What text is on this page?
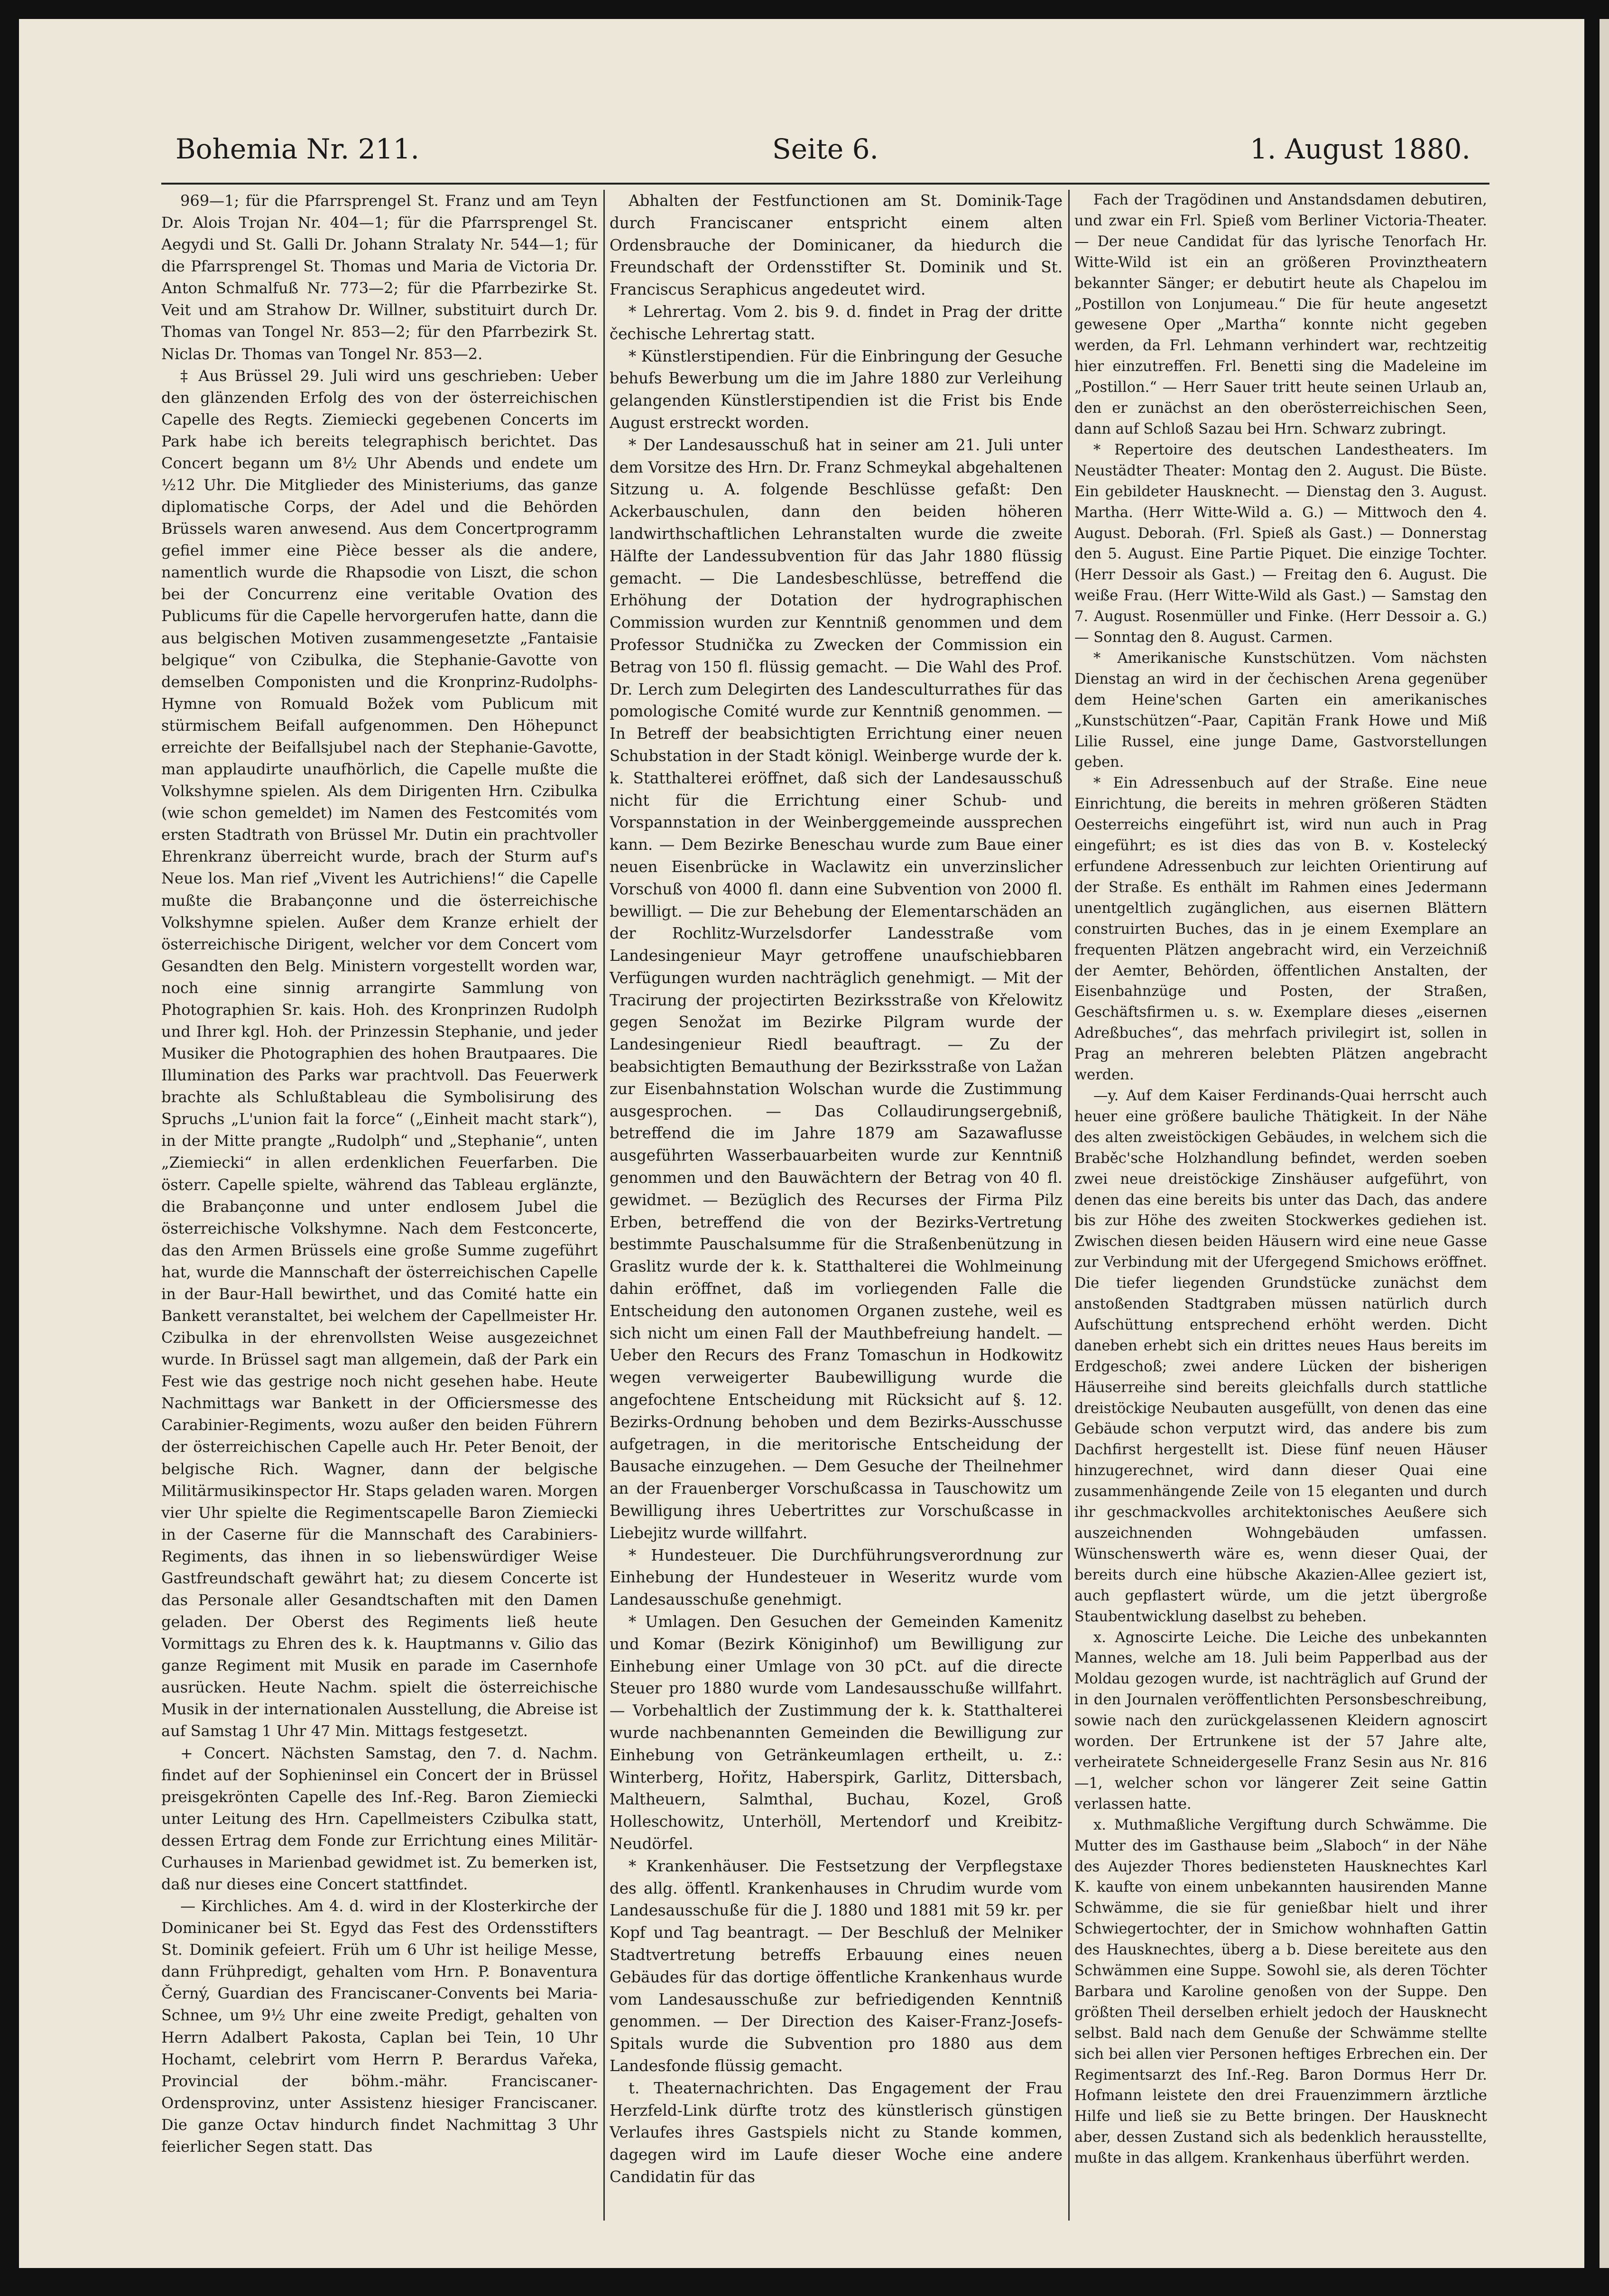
Bohemia Nr. 211.	Seite 6.	1. August 1880.

969—1; für die Pfarrsprengel St. Franz und am Teyn Dr. Alois Trojan Nr. 404—1; für die Pfarrsprengel St. Aegydi und St. Galli Dr. Johann Stralaty Nr. 544—1; für die Pfarrsprengel St. Thomas und Maria de Victoria Dr. Anton Schmalfuß Nr. 773—2; für die Pfarrbezirke St. Veit und am Strahow Dr. Willner, substituirt durch Dr. Thomas van Tongel Nr. 853—2; für den Pfarrbezirk St. Niclas Dr. Thomas van Tongel Nr. 853—2.

‡ Aus Brüssel 29. Juli wird uns geschrieben: Ueber den glänzenden Erfolg des von der österreichischen Capelle des Regts. Ziemiecki gegebenen Concerts im Park habe ich bereits telegraphisch berichtet. Das Concert begann um 8½ Uhr Abends und endete um ½12 Uhr. Die Mitglieder des Ministeriums, das ganze diplomatische Corps, der Adel und die Behörden Brüssels waren anwesend. Aus dem Concertprogramm gefiel immer eine Pièce besser als die andere, namentlich wurde die Rhapsodie von Liszt, die schon bei der Concurrenz eine veritable Ovation des Publicums für die Capelle hervorgerufen hatte, dann die aus belgischen Motiven zusammengesetzte „Fantaisie belgique“ von Czibulka, die Stephanie-Gavotte von demselben Componisten und die Kronprinz-Rudolphs-Hymne von Romuald Božek vom Publicum mit stürmischem Beifall aufgenommen. Den Höhepunct erreichte der Beifallsjubel nach der Stephanie-Gavotte, man applaudirte unaufhörlich, die Capelle mußte die Volkshymne spielen. Als dem Dirigenten Hrn. Czibulka (wie schon gemeldet) im Namen des Festcomités vom ersten Stadtrath von Brüssel Mr. Dutin ein prachtvoller Ehrenkranz überreicht wurde, brach der Sturm auf's Neue los. Man rief „Vivent les Autrichiens!“ die Capelle mußte die Brabançonne und die österreichische Volkshymne spielen. Außer dem Kranze erhielt der österreichische Dirigent, welcher vor dem Concert vom Gesandten den Belg. Ministern vorgestellt worden war, noch eine sinnig arrangirte Sammlung von Photographien Sr. kais. Hoh. des Kronprinzen Rudolph und Ihrer kgl. Hoh. der Prinzessin Stephanie, und jeder Musiker die Photographien des hohen Brautpaares. Die Illumination des Parks war prachtvoll. Das Feuerwerk brachte als Schlußtableau die Symbolisirung des Spruchs „L'union fait la force“ („Einheit macht stark“), in der Mitte prangte „Rudolph“ und „Stephanie“, unten „Ziemiecki“ in allen erdenklichen Feuerfarben. Die österr. Capelle spielte, während das Tableau erglänzte, die Brabançonne und unter endlosem Jubel die österreichische Volkshymne. Nach dem Festconcerte, das den Armen Brüssels eine große Summe zugeführt hat, wurde die Mannschaft der österreichischen Capelle in der Baur-Hall bewirthet, und das Comité hatte ein Bankett veranstaltet, bei welchem der Capellmeister Hr. Czibulka in der ehrenvollsten Weise ausgezeichnet wurde. In Brüssel sagt man allgemein, daß der Park ein Fest wie das gestrige noch nicht gesehen habe. Heute Nachmittags war Bankett in der Officiersmesse des Carabinier-Regiments, wozu außer den beiden Führern der österreichischen Capelle auch Hr. Peter Benoit, der belgische Rich. Wagner, dann der belgische Militärmusikinspector Hr. Staps geladen waren. Morgen vier Uhr spielte die Regimentscapelle Baron Ziemiecki in der Caserne für die Mannschaft des Carabiniers-Regiments, das ihnen in so liebenswürdiger Weise Gastfreundschaft gewährt hat; zu diesem Concerte ist das Personale aller Gesandtschaften mit den Damen geladen. Der Oberst des Regiments ließ heute Vormittags zu Ehren des k. k. Hauptmanns v. Gilio das ganze Regiment mit Musik en parade im Casernhofe ausrücken. Heute Nachm. spielt die österreichische Musik in der internationalen Ausstellung, die Abreise ist auf Samstag 1 Uhr 47 Min. Mittags festgesetzt.

+ Concert. Nächsten Samstag, den 7. d. Nachm. findet auf der Sophieninsel ein Concert der in Brüssel preisgekrönten Capelle des Inf.-Reg. Baron Ziemiecki unter Leitung des Hrn. Capellmeisters Czibulka statt, dessen Ertrag dem Fonde zur Errichtung eines Militär-Curhauses in Marienbad gewidmet ist. Zu bemerken ist, daß nur dieses eine Concert stattfindet.

— Kirchliches. Am 4. d. wird in der Klosterkirche der Dominicaner bei St. Egyd das Fest des Ordensstifters St. Dominik gefeiert. Früh um 6 Uhr ist heilige Messe, dann Frühpredigt, gehalten vom Hrn. P. Bonaventura Černý, Guardian des Franciscaner-Convents bei Maria-Schnee, um 9½ Uhr eine zweite Predigt, gehalten von Herrn Adalbert Pakosta, Caplan bei Tein, 10 Uhr Hochamt, celebrirt vom Herrn P. Berardus Vařeka, Provincial der böhm.-mähr. Franciscaner-Ordensprovinz, unter Assistenz hiesiger Franciscaner. Die ganze Octav hindurch findet Nachmittag 3 Uhr feierlicher Segen statt. Das

Abhalten der Festfunctionen am St. Dominik-Tage durch Franciscaner entspricht einem alten Ordensbrauche der Dominicaner, da hiedurch die Freundschaft der Ordensstifter St. Dominik und St. Franciscus Seraphicus angedeutet wird.

* Lehrertag. Vom 2. bis 9. d. findet in Prag der dritte čechische Lehrertag statt.

* Künstlerstipendien. Für die Einbringung der Gesuche behufs Bewerbung um die im Jahre 1880 zur Verleihung gelangenden Künstlerstipendien ist die Frist bis Ende August erstreckt worden.

* Der Landesausschuß hat in seiner am 21. Juli unter dem Vorsitze des Hrn. Dr. Franz Schmeykal abgehaltenen Sitzung u. A. folgende Beschlüsse gefaßt: Den Ackerbauschulen, dann den beiden höheren landwirthschaftlichen Lehranstalten wurde die zweite Hälfte der Landessubvention für das Jahr 1880 flüssig gemacht. — Die Landesbeschlüsse, betreffend die Erhöhung der Dotation der hydrographischen Commission wurden zur Kenntniß genommen und dem Professor Studnička zu Zwecken der Commission ein Betrag von 150 fl. flüssig gemacht. — Die Wahl des Prof. Dr. Lerch zum Delegirten des Landesculturrathes für das pomologische Comité wurde zur Kenntniß genommen. — In Betreff der beabsichtigten Errichtung einer neuen Schubstation in der Stadt königl. Weinberge wurde der k. k. Statthalterei eröffnet, daß sich der Landesausschuß nicht für die Errichtung einer Schub- und Vorspannstation in der Weinberggemeinde aussprechen kann. — Dem Bezirke Beneschau wurde zum Baue einer neuen Eisenbrücke in Waclawitz ein unverzinslicher Vorschuß von 4000 fl. dann eine Subvention von 2000 fl. bewilligt. — Die zur Behebung der Elementarschäden an der Rochlitz-Wurzelsdorfer Landesstraße vom Landesingenieur Mayr getroffene unaufschiebbaren Verfügungen wurden nachträglich genehmigt. — Mit der Tracirung der projectirten Bezirksstraße von Křelowitz gegen Senožat im Bezirke Pilgram wurde der Landesingenieur Riedl beauftragt. — Zu der beabsichtigten Bemauthung der Bezirksstraße von Lažan zur Eisenbahnstation Wolschan wurde die Zustimmung ausgesprochen. — Das Collaudirungsergebniß, betreffend die im Jahre 1879 am Sazawaflusse ausgeführten Wasserbauarbeiten wurde zur Kenntniß genommen und den Bauwächtern der Betrag von 40 fl. gewidmet. — Bezüglich des Recurses der Firma Pilz Erben, betreffend die von der Bezirks-Vertretung bestimmte Pauschalsumme für die Straßenbenützung in Graslitz wurde der k. k. Statthalterei die Wohlmeinung dahin eröffnet, daß im vorliegenden Falle die Entscheidung den autonomen Organen zustehe, weil es sich nicht um einen Fall der Mauthbefreiung handelt. — Ueber den Recurs des Franz Tomaschun in Hodkowitz wegen verweigerter Baubewilligung wurde die angefochtene Entscheidung mit Rücksicht auf §. 12. Bezirks-Ordnung behoben und dem Bezirks-Ausschusse aufgetragen, in die meritorische Entscheidung der Bausache einzugehen. — Dem Gesuche der Theilnehmer an der Frauenberger Vorschußcassa in Tauschowitz um Bewilligung ihres Uebertrittes zur Vorschußcasse in Liebejitz wurde willfahrt.

* Hundesteuer. Die Durchführungsverordnung zur Einhebung der Hundesteuer in Weseritz wurde vom Landesausschuße genehmigt.

* Umlagen. Den Gesuchen der Gemeinden Kamenitz und Komar (Bezirk Königinhof) um Bewilligung zur Einhebung einer Umlage von 30 pCt. auf die directe Steuer pro 1880 wurde vom Landesausschuße willfahrt. — Vorbehaltlich der Zustimmung der k. k. Statthalterei wurde nachbenannten Gemeinden die Bewilligung zur Einhebung von Getränkeumlagen ertheilt, u. z.: Winterberg, Hořitz, Haberspirk, Garlitz, Dittersbach, Maltheuern, Salmthal, Buchau, Kozel, Groß Holleschowitz, Unterhöll, Mertendorf und Kreibitz-Neudörfel.

* Krankenhäuser. Die Festsetzung der Verpflegstaxe des allg. öffentl. Krankenhauses in Chrudim wurde vom Landesausschuße für die J. 1880 und 1881 mit 59 kr. per Kopf und Tag beantragt. — Der Beschluß der Melniker Stadtvertretung betreffs Erbauung eines neuen Gebäudes für das dortige öffentliche Krankenhaus wurde vom Landesausschuße zur befriedigenden Kenntniß genommen. — Der Direction des Kaiser-Franz-Josefs-Spitals wurde die Subvention pro 1880 aus dem Landesfonde flüssig gemacht.

t. Theaternachrichten. Das Engagement der Frau Herzfeld-Link dürfte trotz des künstlerisch günstigen Verlaufes ihres Gastspiels nicht zu Stande kommen, dagegen wird im Laufe dieser Woche eine andere Candidatin für das

Fach der Tragödinen und Anstandsdamen debutiren, und zwar ein Frl. Spieß vom Berliner Victoria-Theater. — Der neue Candidat für das lyrische Tenorfach Hr. Witte-Wild ist ein an größeren Provinztheatern bekannter Sänger; er debutirt heute als Chapelou im „Postillon von Lonjumeau.“ Die für heute angesetzt gewesene Oper „Martha“ konnte nicht gegeben werden, da Frl. Lehmann verhindert war, rechtzeitig hier einzutreffen. Frl. Benetti sing die Madeleine im „Postillon.“ — Herr Sauer tritt heute seinen Urlaub an, den er zunächst an den oberösterreichischen Seen, dann auf Schloß Sazau bei Hrn. Schwarz zubringt.

* Repertoire des deutschen Landestheaters. Im Neustädter Theater: Montag den 2. August. Die Büste. Ein gebildeter Hausknecht. — Dienstag den 3. August. Martha. (Herr Witte-Wild a. G.) — Mittwoch den 4. August. Deborah. (Frl. Spieß als Gast.) — Donnerstag den 5. August. Eine Partie Piquet. Die einzige Tochter. (Herr Dessoir als Gast.) — Freitag den 6. August. Die weiße Frau. (Herr Witte-Wild als Gast.) — Samstag den 7. August. Rosenmüller und Finke. (Herr Dessoir a. G.) — Sonntag den 8. August. Carmen.

* Amerikanische Kunstschützen. Vom nächsten Dienstag an wird in der čechischen Arena gegenüber dem Heine'schen Garten ein amerikanisches „Kunstschützen“-Paar, Capitän Frank Howe und Miß Lilie Russel, eine junge Dame, Gastvorstellungen geben.

* Ein Adressenbuch auf der Straße. Eine neue Einrichtung, die bereits in mehren größeren Städten Oesterreichs eingeführt ist, wird nun auch in Prag eingeführt; es ist dies das von B. v. Kostelecký erfundene Adressenbuch zur leichten Orientirung auf der Straße. Es enthält im Rahmen eines Jedermann unentgeltlich zugänglichen, aus eisernen Blättern construirten Buches, das in je einem Exemplare an frequenten Plätzen angebracht wird, ein Verzeichniß der Aemter, Behörden, öffentlichen Anstalten, der Eisenbahnzüge und Posten, der Straßen, Geschäftsfirmen u. s. w. Exemplare dieses „eisernen Adreßbuches“, das mehrfach privilegirt ist, sollen in Prag an mehreren belebten Plätzen angebracht werden.

—y. Auf dem Kaiser Ferdinands-Quai herrscht auch heuer eine größere bauliche Thätigkeit. In der Nähe des alten zweistöckigen Gebäudes, in welchem sich die Braběc'sche Holzhandlung befindet, werden soeben zwei neue dreistöckige Zinshäuser aufgeführt, von denen das eine bereits bis unter das Dach, das andere bis zur Höhe des zweiten Stockwerkes gediehen ist. Zwischen diesen beiden Häusern wird eine neue Gasse zur Verbindung mit der Ufergegend Smichows eröffnet. Die tiefer liegenden Grundstücke zunächst dem anstoßenden Stadtgraben müssen natürlich durch Aufschüttung entsprechend erhöht werden. Dicht daneben erhebt sich ein drittes neues Haus bereits im Erdgeschoß; zwei andere Lücken der bisherigen Häuserreihe sind bereits gleichfalls durch stattliche dreistöckige Neubauten ausgefüllt, von denen das eine Gebäude schon verputzt wird, das andere bis zum Dachfirst hergestellt ist. Diese fünf neuen Häuser hinzugerechnet, wird dann dieser Quai eine zusammenhängende Zeile von 15 eleganten und durch ihr geschmackvolles architektonisches Aeußere sich auszeichnenden Wohngebäuden umfassen. Wünschenswerth wäre es, wenn dieser Quai, der bereits durch eine hübsche Akazien-Allee geziert ist, auch gepflastert würde, um die jetzt übergroße Staubentwicklung daselbst zu beheben.

x. Agnoscirte Leiche. Die Leiche des unbekannten Mannes, welche am 18. Juli beim Papperlbad aus der Moldau gezogen wurde, ist nachträglich auf Grund der in den Journalen veröffentlichten Personsbeschreibung, sowie nach den zurückgelassenen Kleidern agnoscirt worden. Der Ertrunkene ist der 57 Jahre alte, verheiratete Schneidergeselle Franz Sesin aus Nr. 816—1, welcher schon vor längerer Zeit seine Gattin verlassen hatte.

x. Muthmaßliche Vergiftung durch Schwämme. Die Mutter des im Gasthause beim „Slaboch“ in der Nähe des Aujezder Thores bediensteten Hausknechtes Karl K. kaufte von einem unbekannten hausirenden Manne Schwämme, die sie für genießbar hielt und ihrer Schwiegertochter, der in Smichow wohnhaften Gattin des Hausknechtes, überg a b. Diese bereitete aus den Schwämmen eine Suppe. Sowohl sie, als deren Töchter Barbara und Karoline genoßen von der Suppe. Den größten Theil derselben erhielt jedoch der Hausknecht selbst. Bald nach dem Genuße der Schwämme stellte sich bei allen vier Personen heftiges Erbrechen ein. Der Regimentsarzt des Inf.-Reg. Baron Dormus Herr Dr. Hofmann leistete den drei Frauenzimmern ärztliche Hilfe und ließ sie zu Bette bringen. Der Hausknecht aber, dessen Zustand sich als bedenklich herausstellte, mußte in das allgem. Krankenhaus überführt werden.
